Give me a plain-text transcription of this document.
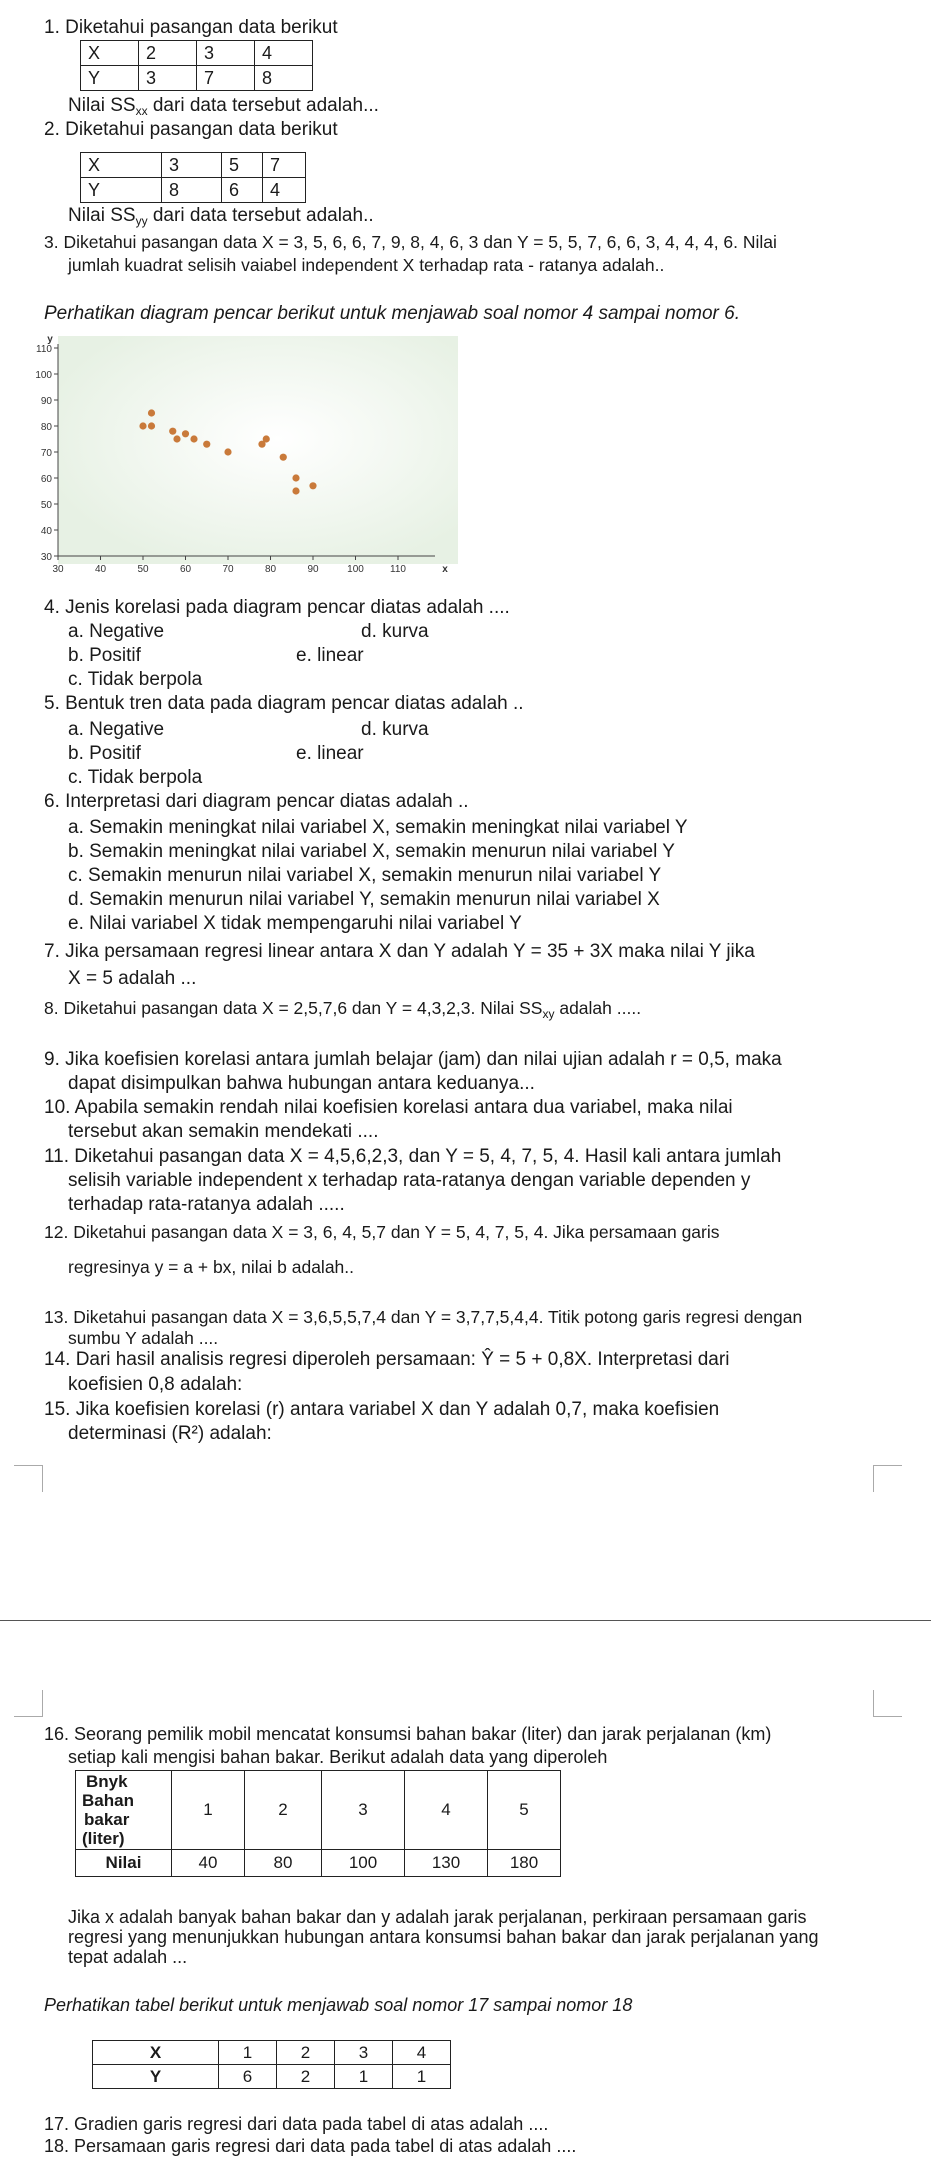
1. Diketahui pasangan data berikut
X	2	3	4
Y	3	7	8
Nilai $SS_{xx}$ dari data tersebut adalah...
2. Diketahui pasangan data berikut
X	3	5	7
Y	8	6	4
Nilai $SS_{yy}$ dari data tersebut adalah..
3. Diketahui pasangan data X = 3, 5, 6, 6, 7, 9, 8, 4, 6, 3 dan Y = 5, 5, 7, 6, 6, 3, 4, 4, 4, 6. Nilai
jumlah kuadrat selisih vaiabel independent X terhadap rata - ratanya adalah..
Perhatikan diagram pencar berikut untuk menjawab soal nomor 4 sampai nomor 6.
30
40
50
60
70
80
90
100
110
30	40	50	60	70	80	90	100	110
y
x
4. Jenis korelasi pada diagram pencar diatas adalah ....
a. Negative	d. kurva
b. Positif	e. linear
c. Tidak berpola
5. Bentuk tren data pada diagram pencar diatas adalah ..
a. Negative	d. kurva
b. Positif	e. linear
c. Tidak berpola
6. Interpretasi dari diagram pencar diatas adalah ..
a. Semakin meningkat nilai variabel X, semakin meningkat nilai variabel Y
b. Semakin meningkat nilai variabel X, semakin menurun nilai variabel Y
c. Semakin menurun nilai variabel X, semakin menurun nilai variabel Y
d. Semakin menurun nilai variabel Y, semakin menurun nilai variabel X
e. Nilai variabel X tidak mempengaruhi nilai variabel Y
7. Jika persamaan regresi linear antara X dan Y adalah Y = 35 + 3X maka nilai Y jika
X = 5 adalah ...
8. Diketahui pasangan data X = 2,5,7,6 dan Y = 4,3,2,3. Nilai $SS_{xy}$ adalah .....
9. Jika koefisien korelasi antara jumlah belajar (jam) dan nilai ujian adalah r = 0,5, maka
dapat disimpulkan bahwa hubungan antara keduanya...
10. Apabila semakin rendah nilai koefisien korelasi antara dua variabel, maka nilai
tersebut akan semakin mendekati ....
11. Diketahui pasangan data X = 4,5,6,2,3, dan Y = 5, 4, 7, 5, 4. Hasil kali antara jumlah
selisih variable independent x terhadap rata-ratanya dengan variable dependen y
terhadap rata-ratanya adalah .....
12. Diketahui pasangan data X = 3, 6, 4, 5,7 dan Y = 5, 4, 7, 5, 4. Jika persamaan garis
regresinya y = a + bx, nilai b adalah..
13. Diketahui pasangan data X = 3,6,5,5,7,4 dan Y = 3,7,7,5,4,4. Titik potong garis regresi dengan
sumbu Y adalah ....
14. Dari hasil analisis regresi diperoleh persamaan: Ŷ = 5 + 0,8X. Interpretasi dari
koefisien 0,8 adalah:
15. Jika koefisien korelasi (r) antara variabel X dan Y adalah 0,7, maka koefisien
determinasi (R²) adalah:
16. Seorang pemilik mobil mencatat konsumsi bahan bakar (liter) dan jarak perjalanan (km)
setiap kali mengisi bahan bakar. Berikut adalah data yang diperoleh
Bnyk
Bahan
bakar
(liter)	1	2	3	4	5
Nilai	40	80	100	130	180
Jika x adalah banyak bahan bakar dan y adalah jarak perjalanan, perkiraan persamaan garis
regresi yang menunjukkan hubungan antara konsumsi bahan bakar dan jarak perjalanan yang
tepat adalah ...
Perhatikan tabel berikut untuk menjawab soal nomor 17 sampai nomor 18
X	1	2	3	4
Y	6	2	1	1
17. Gradien garis regresi dari data pada tabel di atas adalah ....
18. Persamaan garis regresi dari data pada tabel di atas adalah ....
